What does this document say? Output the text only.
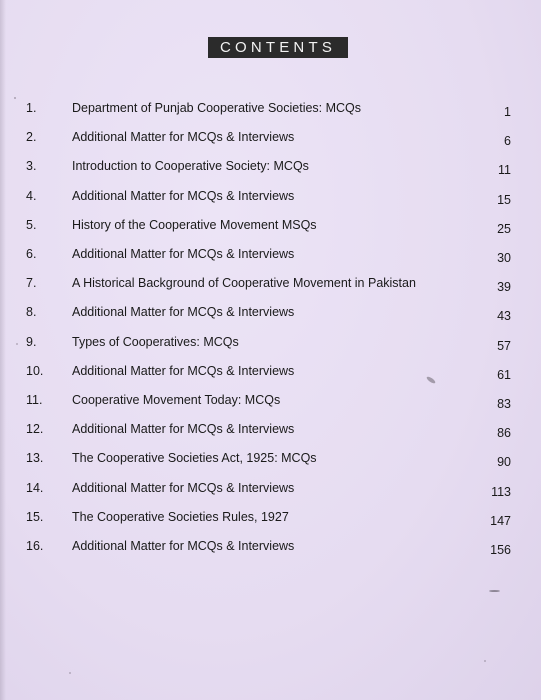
CONTENTS
1.	Department of Punjab Cooperative Societies: MCQs	1
2.	Additional Matter for MCQs & Interviews	6
3.	Introduction to Cooperative Society: MCQs	11
4.	Additional Matter for MCQs & Interviews	15
5.	History of the Cooperative Movement MSQs	25
6.	Additional Matter for MCQs & Interviews	30
7.	A Historical Background of Cooperative Movement in Pakistan	39
8.	Additional Matter for MCQs & Interviews	43
9.	Types of Cooperatives: MCQs	57
10.	Additional Matter for MCQs & Interviews	61
11.	Cooperative Movement Today: MCQs	83
12.	Additional Matter for MCQs & Interviews	86
13.	The Cooperative Societies Act, 1925: MCQs	90
14.	Additional Matter for MCQs & Interviews	113
15.	The Cooperative Societies Rules, 1927	147
16.	Additional Matter for MCQs & Interviews	156
